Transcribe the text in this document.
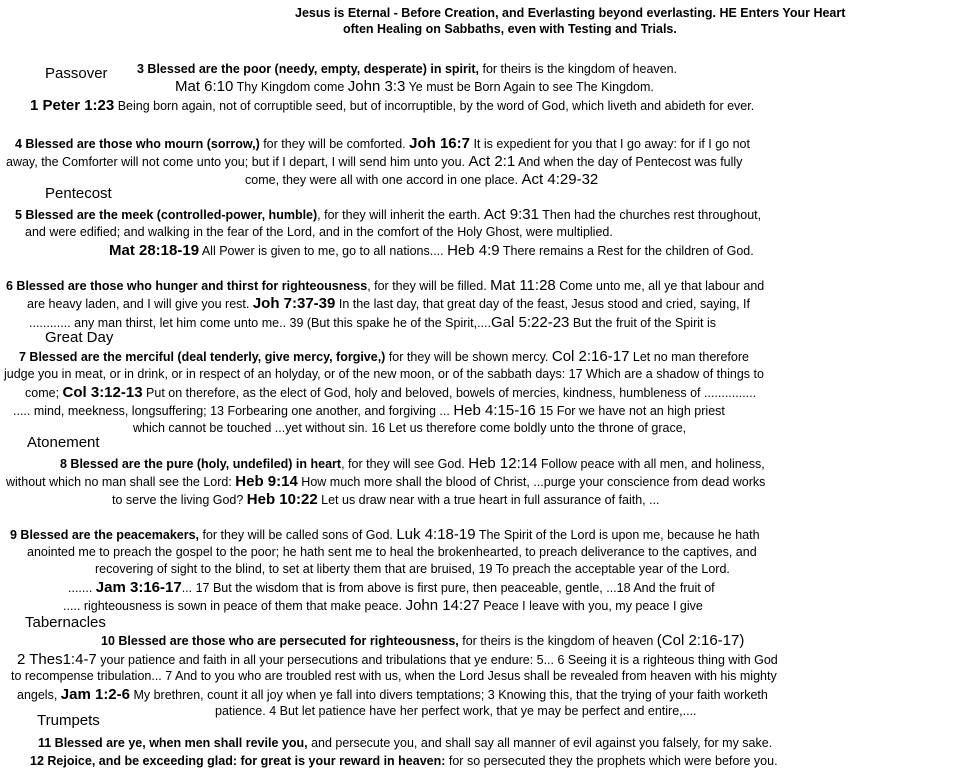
Jesus is Eternal - Before Creation, and Everlasting beyond everlasting. HE Enters Your Heart
often Healing on Sabbaths, even with Testing and Trials.
Passover
Pentecost
Great Day
Atonement
Tabernacles
Trumpets
3 Blessed are the poor (needy, empty, desperate) in spirit, for theirs is the kingdom of heaven.
Mat 6:10 Thy Kingdom come John 3:3 Ye must be Born Again to see The Kingdom.
1 Peter 1:23 Being born again, not of corruptible seed, but of incorruptible, by the word of God, which liveth and abideth for ever.
4 Blessed are those who mourn (sorrow,) for they will be comforted. Joh 16:7 It is expedient for you that I go away: for if I go not
away, the Comforter will not come unto you; but if I depart, I will send him unto you. Act 2:1 And when the day of Pentecost was fully
come, they were all with one accord in one place. Act 4:29-32
5 Blessed are the meek (controlled-power, humble), for they will inherit the earth. Act 9:31 Then had the churches rest throughout,
and were edified; and walking in the fear of the Lord, and in the comfort of the Holy Ghost, were multiplied.
Mat 28:18-19 All Power is given to me, go to all nations.... Heb 4:9 There remains a Rest for the children of God.
6 Blessed are those who hunger and thirst for righteousness, for they will be filled. Mat 11:28 Come unto me, all ye that labour and
are heavy laden, and I will give you rest. Joh 7:37-39 In the last day, that great day of the feast, Jesus stood and cried, saying, If
............ any man thirst, let him come unto me.. 39 (But this spake he of the Spirit,....Gal 5:22-23 But the fruit of the Spirit is
7 Blessed are the merciful (deal tenderly, give mercy, forgive,) for they will be shown mercy. Col 2:16-17 Let no man therefore
judge you in meat, or in drink, or in respect of an holyday, or of the new moon, or of the sabbath days: 17 Which are a shadow of things to
come; Col 3:12-13 Put on therefore, as the elect of God, holy and beloved, bowels of mercies, kindness, humbleness of ...............
..... mind, meekness, longsuffering; 13 Forbearing one another, and forgiving ... Heb 4:15-16 15 For we have not an high priest
which cannot be touched ...yet without sin. 16 Let us therefore come boldly unto the throne of grace,
8 Blessed are the pure (holy, undefiled) in heart, for they will see God. Heb 12:14 Follow peace with all men, and holiness,
without which no man shall see the Lord: Heb 9:14 How much more shall the blood of Christ, ...purge your conscience from dead works
to serve the living God? Heb 10:22 Let us draw near with a true heart in full assurance of faith, ...
9 Blessed are the peacemakers, for they will be called sons of God. Luk 4:18-19 The Spirit of the Lord is upon me, because he hath
anointed me to preach the gospel to the poor; he hath sent me to heal the brokenhearted, to preach deliverance to the captives, and
recovering of sight to the blind, to set at liberty them that are bruised, 19 To preach the acceptable year of the Lord.
....... Jam 3:16-17... 17 But the wisdom that is from above is first pure, then peaceable, gentle, ...18 And the fruit of
..... righteousness is sown in peace of them that make peace. John 14:27 Peace I leave with you, my peace I give
10 Blessed are those who are persecuted for righteousness, for theirs is the kingdom of heaven (Col 2:16-17)
2 Thes1:4-7 your patience and faith in all your persecutions and tribulations that ye endure: 5... 6 Seeing it is a righteous thing with God
to recompense tribulation... 7 And to you who are troubled rest with us, when the Lord Jesus shall be revealed from heaven with his mighty
angels, Jam 1:2-6 My brethren, count it all joy when ye fall into divers temptations; 3 Knowing this, that the trying of your faith worketh
patience. 4 But let patience have her perfect work, that ye may be perfect and entire,....
11 Blessed are ye, when men shall revile you, and persecute you, and shall say all manner of evil against you falsely, for my sake.
12 Rejoice, and be exceeding glad: for great is your reward in heaven: for so persecuted they the prophets which were before you.
